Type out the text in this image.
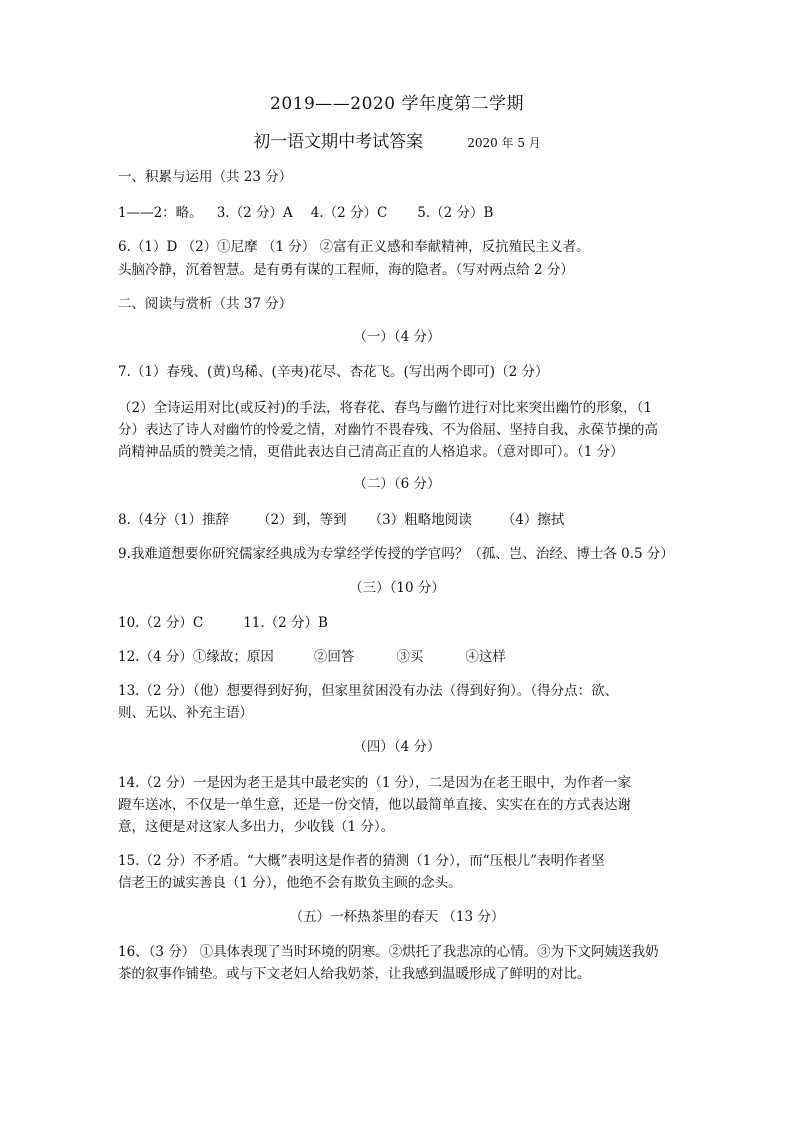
2019——2020 学年度第二学期
初一语文期中考试答案	2020 年 5 月
一、积累与运用（共 23 分）
1——2：略。 3.（2 分）A 4.（2 分）C 5.（2 分）B
6.（1）D （2）①尼摩 （1 分） ②富有正义感和奉献精神，反抗殖民主义者。
头脑冷静，沉着智慧。是有勇有谋的工程师，海的隐者。（写对两点给 2 分）
二、阅读与赏析（共 37 分）
（一）（4 分）
7.（1）春残、(黄)鸟稀、(辛夷)花尽、杏花飞。(写出两个即可)（2 分）
（2）全诗运用对比(或反衬)的手法，将春花、春鸟与幽竹进行对比来突出幽竹的形象，（1
分）表达了诗人对幽竹的怜爱之情，对幽竹不畏春残、不为俗屈、坚持自我、永葆节操的高
尚精神品质的赞美之情，更借此表达自己清高正直的人格追求。（意对即可）。（1 分）
（二）（6 分）
8.（4分（1）推辞 （2）到，等到 （3）粗略地阅读 （4）擦拭
9.我难道想要你研究儒家经典成为专掌经学传授的学官吗？（孤、岂、治经、博士各 0.5 分）
（三）（10 分）
10.（2 分）C	11.（2 分）B
12.（4 分）①缘故；原因	②回答	③买	④这样
13.（2 分）（他）想要得到好狗，但家里贫困没有办法（得到好狗）。（得分点：欲、
则、无以、补充主语）
（四）（4 分）
14.（2 分）一是因为老王是其中最老实的（1 分），二是因为在老王眼中，为作者一家
蹬车送冰，不仅是一单生意，还是一份交情，他以最简单直接、实实在在的方式表达谢
意，这便是对这家人多出力，少收钱（1 分）。
15.（2 分）不矛盾。“大概”表明这是作者的猜测（1 分），而“压根儿”表明作者坚
信老王的诚实善良（1 分），他绝不会有欺负主顾的念头。
（五）一杯热茶里的春天 （13 分）
16、（3 分） ①具体表现了当时环境的阴寒。②烘托了我悲凉的心情。③为下文阿姨送我奶
茶的叙事作铺垫。或与下文老妇人给我奶茶，让我感到温暖形成了鲜明的对比。
